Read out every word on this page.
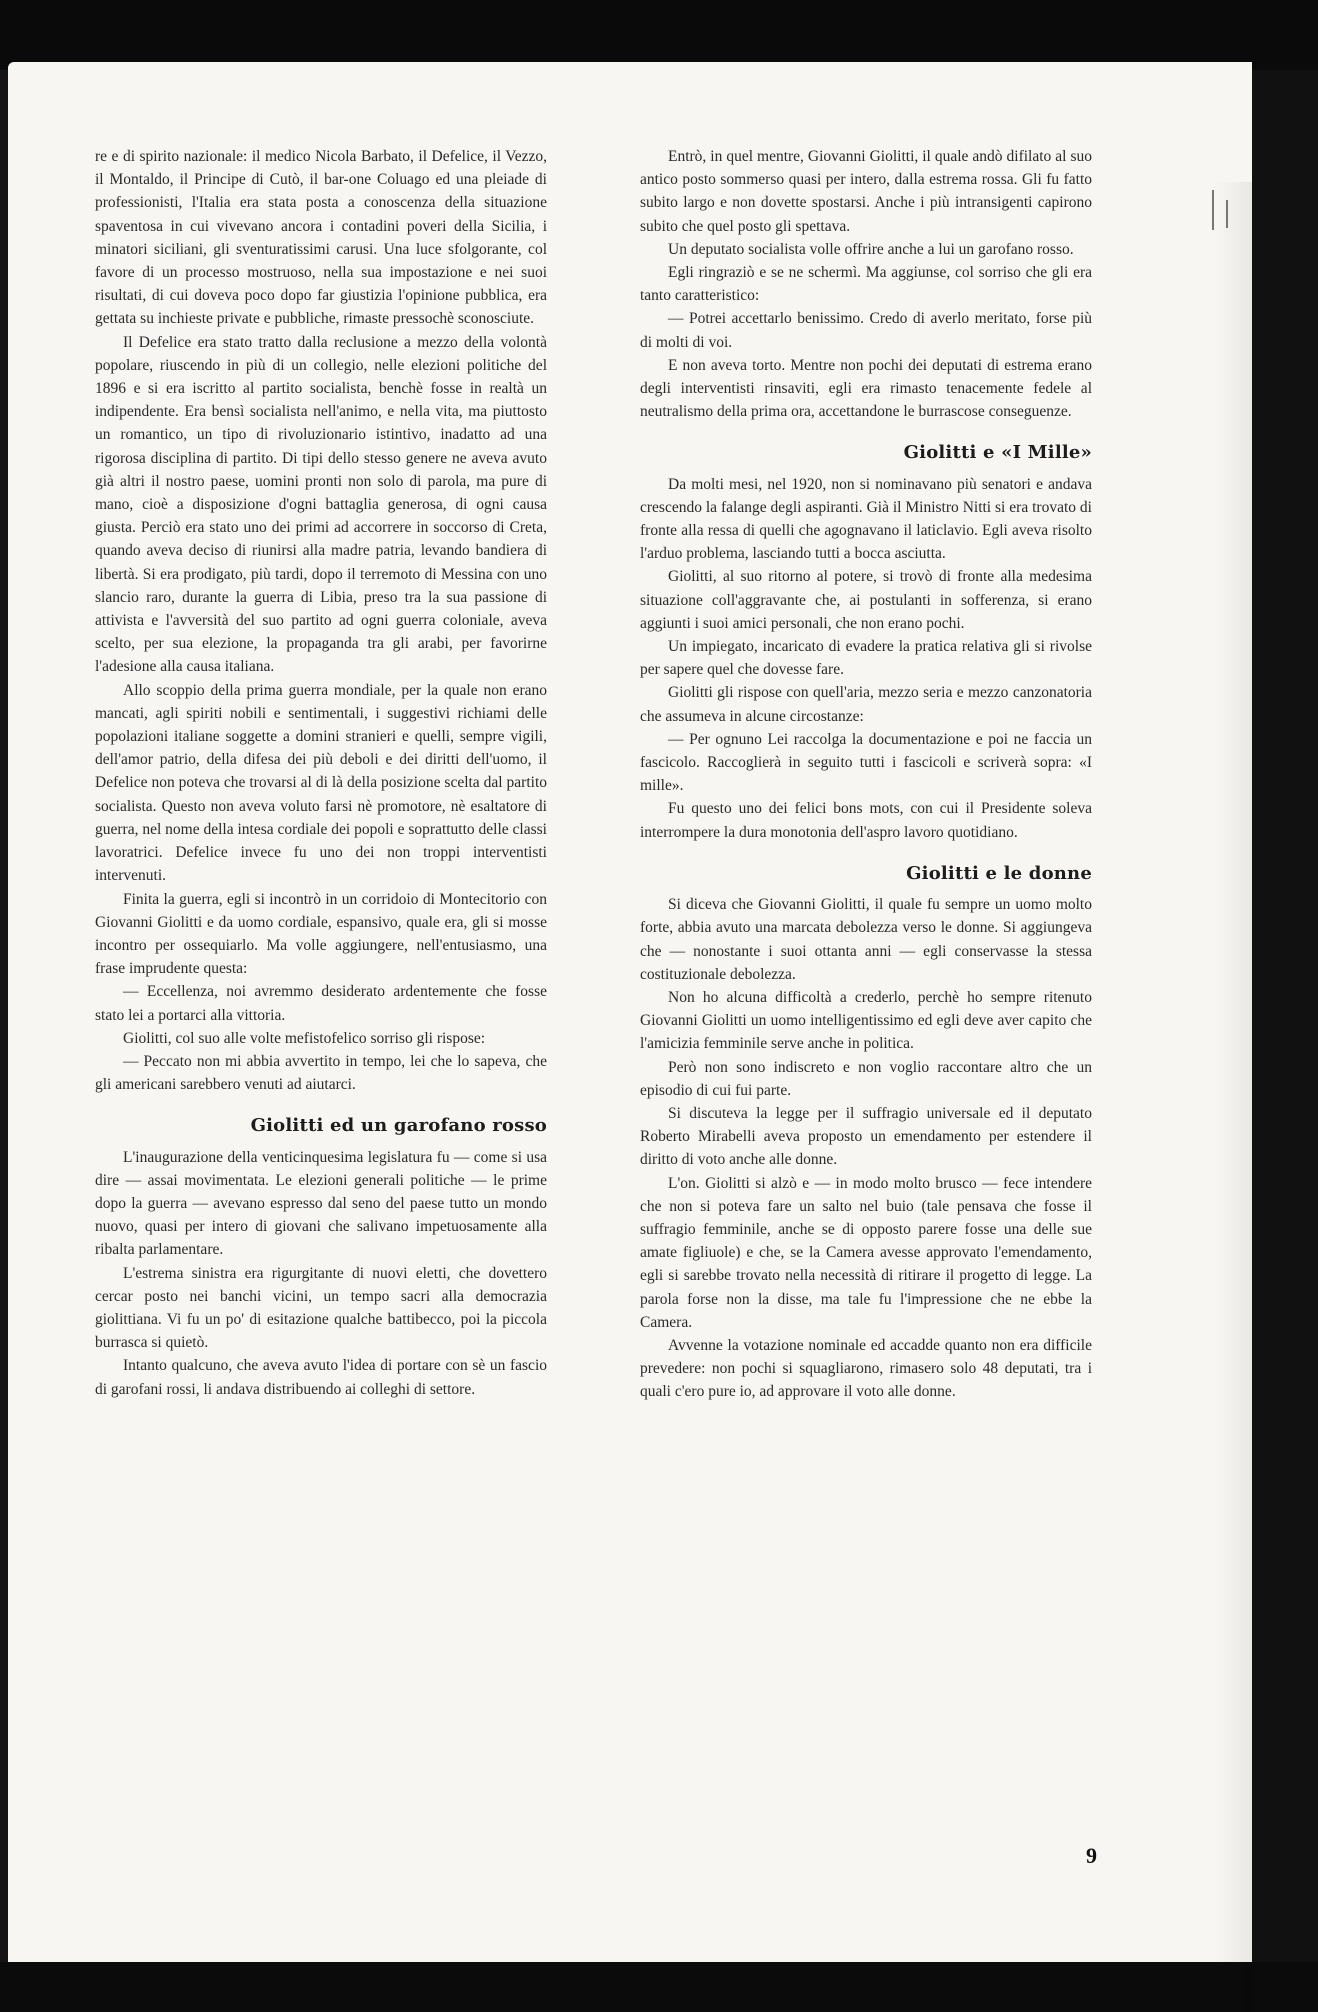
re e di spirito nazionale: il medico Nicola Barbato, il Defelice, il Vezzo, il Montaldo, il Principe di Cutò, il bar-one Coluago ed una pleiade di professionisti, l'Italia era stata posta a conoscenza della situazione spaventosa in cui vivevano ancora i contadini poveri della Sicilia, i minatori siciliani, gli sventuratissimi carusi. Una luce sfolgorante, col favore di un processo mostruoso, nella sua impostazione e nei suoi risultati, di cui doveva poco dopo far giustizia l'opinione pubblica, era gettata su inchieste private e pubbliche, rimaste pressochè sconosciute.

Il Defelice era stato tratto dalla reclusione a mezzo della volontà popolare, riuscendo in più di un collegio, nelle elezioni politiche del 1896 e si era iscritto al partito socialista, benchè fosse in realtà un indipendente. Era bensì socialista nell'animo, e nella vita, ma piuttosto un romantico, un tipo di rivoluzionario istintivo, inadatto ad una rigorosa disciplina di partito. Di tipi dello stesso genere ne aveva avuto già altri il nostro paese, uomini pronti non solo di parola, ma pure di mano, cioè a disposizione d'ogni battaglia generosa, di ogni causa giusta. Perciò era stato uno dei primi ad accorrere in soccorso di Creta, quando aveva deciso di riunirsi alla madre patria, levando bandiera di libertà. Si era prodigato, più tardi, dopo il terremoto di Messina con uno slancio raro, durante la guerra di Libia, preso tra la sua passione di attivista e l'avversità del suo partito ad ogni guerra coloniale, aveva scelto, per sua elezione, la propaganda tra gli arabi, per favorirne l'adesione alla causa italiana.

Allo scoppio della prima guerra mondiale, per la quale non erano mancati, agli spiriti nobili e sentimentali, i suggestivi richiami delle popolazioni italiane soggette a domini stranieri e quelli, sempre vigili, dell'amor patrio, della difesa dei più deboli e dei diritti dell'uomo, il Defelice non poteva che trovarsi al di là della posizione scelta dal partito socialista. Questo non aveva voluto farsi nè promotore, nè esaltatore di guerra, nel nome della intesa cordiale dei popoli e soprattutto delle classi lavoratrici. Defelice invece fu uno dei non troppi interventisti intervenuti.

Finita la guerra, egli si incontrò in un corridoio di Montecitorio con Giovanni Giolitti e da uomo cordiale, espansivo, quale era, gli si mosse incontro per ossequiarlo. Ma volle aggiungere, nell'entusiasmo, una frase imprudente questa:

— Eccellenza, noi avremmo desiderato ardentemente che fosse stato lei a portarci alla vittoria.

Giolitti, col suo alle volte mefistofelico sorriso gli rispose:

— Peccato non mi abbia avvertito in tempo, lei che lo sapeva, che gli americani sarebbero venuti ad aiutarci.

Giolitti ed un garofano rosso

L'inaugurazione della venticinquesima legislatura fu — come si usa dire — assai movimentata. Le elezioni generali politiche — le prime dopo la guerra — avevano espresso dal seno del paese tutto un mondo nuovo, quasi per intero di giovani che salivano impetuosamente alla ribalta parlamentare.

L'estrema sinistra era rigurgitante di nuovi eletti, che dovettero cercar posto nei banchi vicini, un tempo sacri alla democrazia giolittiana. Vi fu un po' di esitazione qualche battibecco, poi la piccola burrasca si quietò.

Intanto qualcuno, che aveva avuto l'idea di portare con sè un fascio di garofani rossi, li andava distribuendo ai colleghi di settore.

Entrò, in quel mentre, Giovanni Giolitti, il quale andò difilato al suo antico posto sommerso quasi per intero, dalla estrema rossa. Gli fu fatto subito largo e non dovette spostarsi. Anche i più intransigenti capirono subito che quel posto gli spettava.

Un deputato socialista volle offrire anche a lui un garofano rosso.

Egli ringraziò e se ne schermì. Ma aggiunse, col sorriso che gli era tanto caratteristico:

— Potrei accettarlo benissimo. Credo di averlo meritato, forse più di molti di voi.

E non aveva torto. Mentre non pochi dei deputati di estrema erano degli interventisti rinsaviti, egli era rimasto tenacemente fedele al neutralismo della prima ora, accettandone le burrascose conseguenze.

Giolitti e «I Mille»

Da molti mesi, nel 1920, non si nominavano più senatori e andava crescendo la falange degli aspiranti. Già il Ministro Nitti si era trovato di fronte alla ressa di quelli che agognavano il laticlavio. Egli aveva risolto l'arduo problema, lasciando tutti a bocca asciutta.

Giolitti, al suo ritorno al potere, si trovò di fronte alla medesima situazione coll'aggravante che, ai postulanti in sofferenza, si erano aggiunti i suoi amici personali, che non erano pochi.

Un impiegato, incaricato di evadere la pratica relativa gli si rivolse per sapere quel che dovesse fare.

Giolitti gli rispose con quell'aria, mezzo seria e mezzo canzonatoria che assumeva in alcune circostanze:

— Per ognuno Lei raccolga la documentazione e poi ne faccia un fascicolo. Raccoglierà in seguito tutti i fascicoli e scriverà sopra: «I mille».

Fu questo uno dei felici bons mots, con cui il Presidente soleva interrompere la dura monotonia dell'aspro lavoro quotidiano.

Giolitti e le donne

Si diceva che Giovanni Giolitti, il quale fu sempre un uomo molto forte, abbia avuto una marcata debolezza verso le donne. Si aggiungeva che — nonostante i suoi ottanta anni — egli conservasse la stessa costituzionale debolezza.

Non ho alcuna difficoltà a crederlo, perchè ho sempre ritenuto Giovanni Giolitti un uomo intelligentissimo ed egli deve aver capito che l'amicizia femminile serve anche in politica.

Però non sono indiscreto e non voglio raccontare altro che un episodio di cui fui parte.

Si discuteva la legge per il suffragio universale ed il deputato Roberto Mirabelli aveva proposto un emendamento per estendere il diritto di voto anche alle donne.

L'on. Giolitti si alzò e — in modo molto brusco — fece intendere che non si poteva fare un salto nel buio (tale pensava che fosse il suffragio femminile, anche se di opposto parere fosse una delle sue amate figliuole) e che, se la Camera avesse approvato l'emendamento, egli si sarebbe trovato nella necessità di ritirare il progetto di legge. La parola forse non la disse, ma tale fu l'impressione che ne ebbe la Camera.

Avvenne la votazione nominale ed accadde quanto non era difficile prevedere: non pochi si squagliarono, rimasero solo 48 deputati, tra i quali c'ero pure io, ad approvare il voto alle donne.

9
